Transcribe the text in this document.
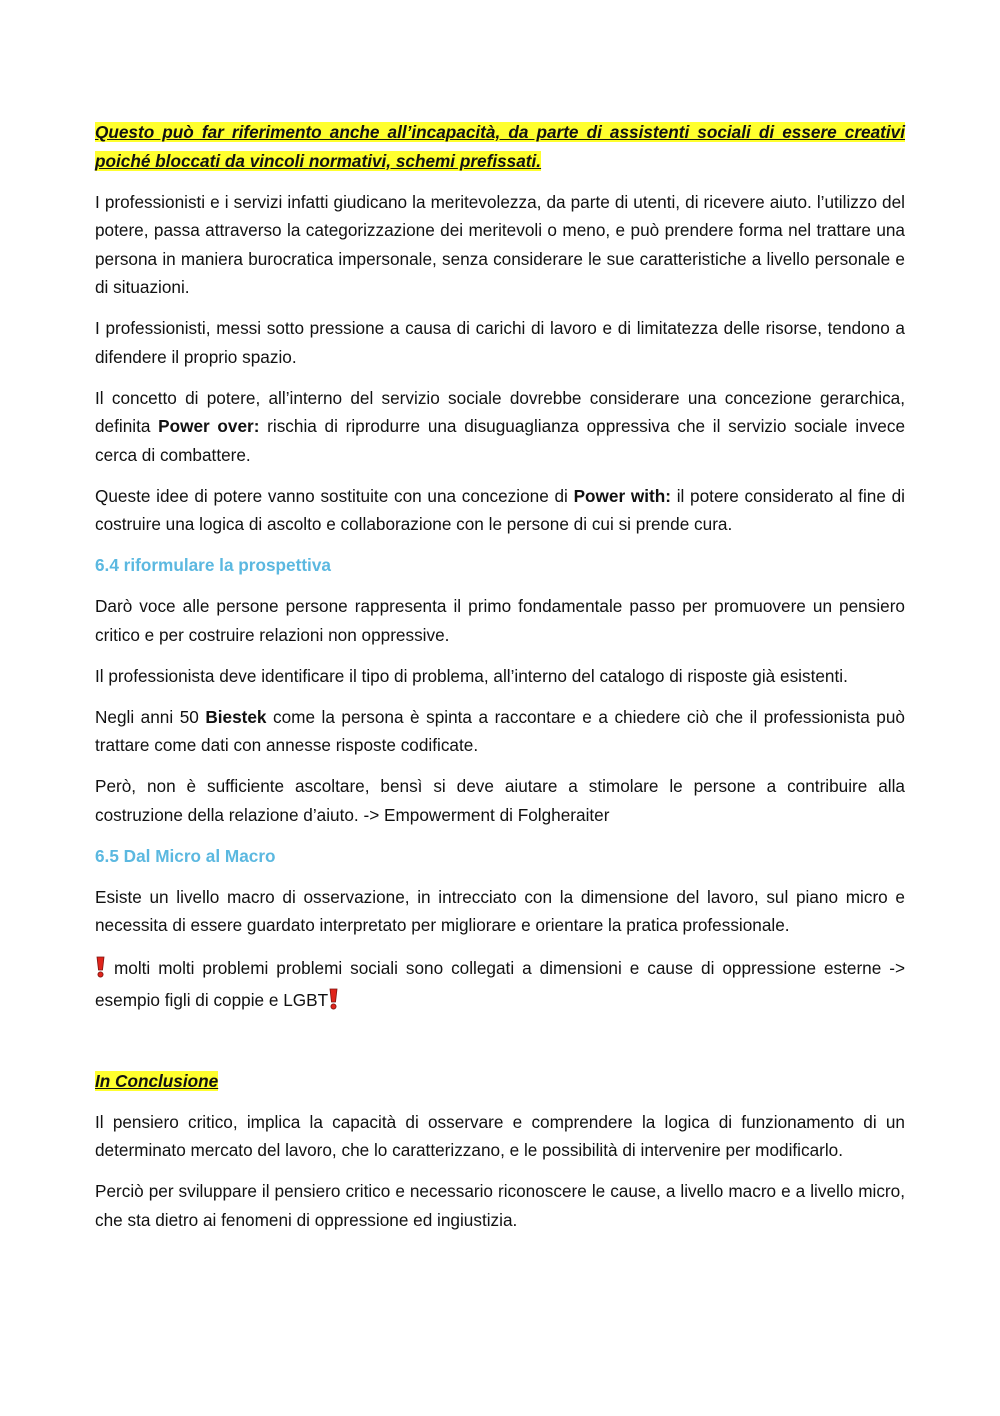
Questo può far riferimento anche all’incapacità, da parte di assistenti sociali di essere creativi poiché bloccati da vincoli normativi, schemi prefissati.

I professionisti e i servizi infatti giudicano la meritevolezza, da parte di utenti, di ricevere aiuto. l’utilizzo del potere, passa attraverso la categorizzazione dei meritevoli o meno, e può prendere forma nel trattare una persona in maniera burocratica impersonale, senza considerare le sue caratteristiche a livello personale e di situazioni.

I professionisti, messi sotto pressione a causa di carichi di lavoro e di limitatezza delle risorse, tendono a difendere il proprio spazio.

Il concetto di potere, all’interno del servizio sociale dovrebbe considerare una concezione gerarchica, definita Power over: rischia di riprodurre una disuguaglianza oppressiva che il servizio sociale invece cerca di combattere.

Queste idee di potere vanno sostituite con una concezione di Power with: il potere considerato al fine di costruire una logica di ascolto e collaborazione con le persone di cui si prende cura.

6.4 riformulare la prospettiva

Darò voce alle persone persone rappresenta il primo fondamentale passo per promuovere un pensiero critico e per costruire relazioni non oppressive.

Il professionista deve identificare il tipo di problema, all’interno del catalogo di risposte già esistenti.

Negli anni 50 Biestek come la persona è spinta a raccontare e a chiedere ciò che il professionista può trattare come dati con annesse risposte codificate.

Però, non è sufficiente ascoltare, bensì si deve aiutare a stimolare le persone a contribuire alla costruzione della relazione d’aiuto. -> Empowerment di Folgheraiter

6.5 Dal Micro al Macro

Esiste un livello macro di osservazione, in intrecciato con la dimensione del lavoro, sul piano micro e necessita di essere guardato interpretato per migliorare e orientare la pratica professionale.

molti molti problemi problemi sociali sono collegati a dimensioni e cause di oppressione esterne -> esempio figli di coppie e LGBT

In Conclusione

Il pensiero critico, implica la capacità di osservare e comprendere la logica di funzionamento di un determinato mercato del lavoro, che lo caratterizzano, e le possibilità di intervenire per modificarlo.

Perciò per sviluppare il pensiero critico e necessario riconoscere le cause, a livello macro e a livello micro, che sta dietro ai fenomeni di oppressione ed ingiustizia.
